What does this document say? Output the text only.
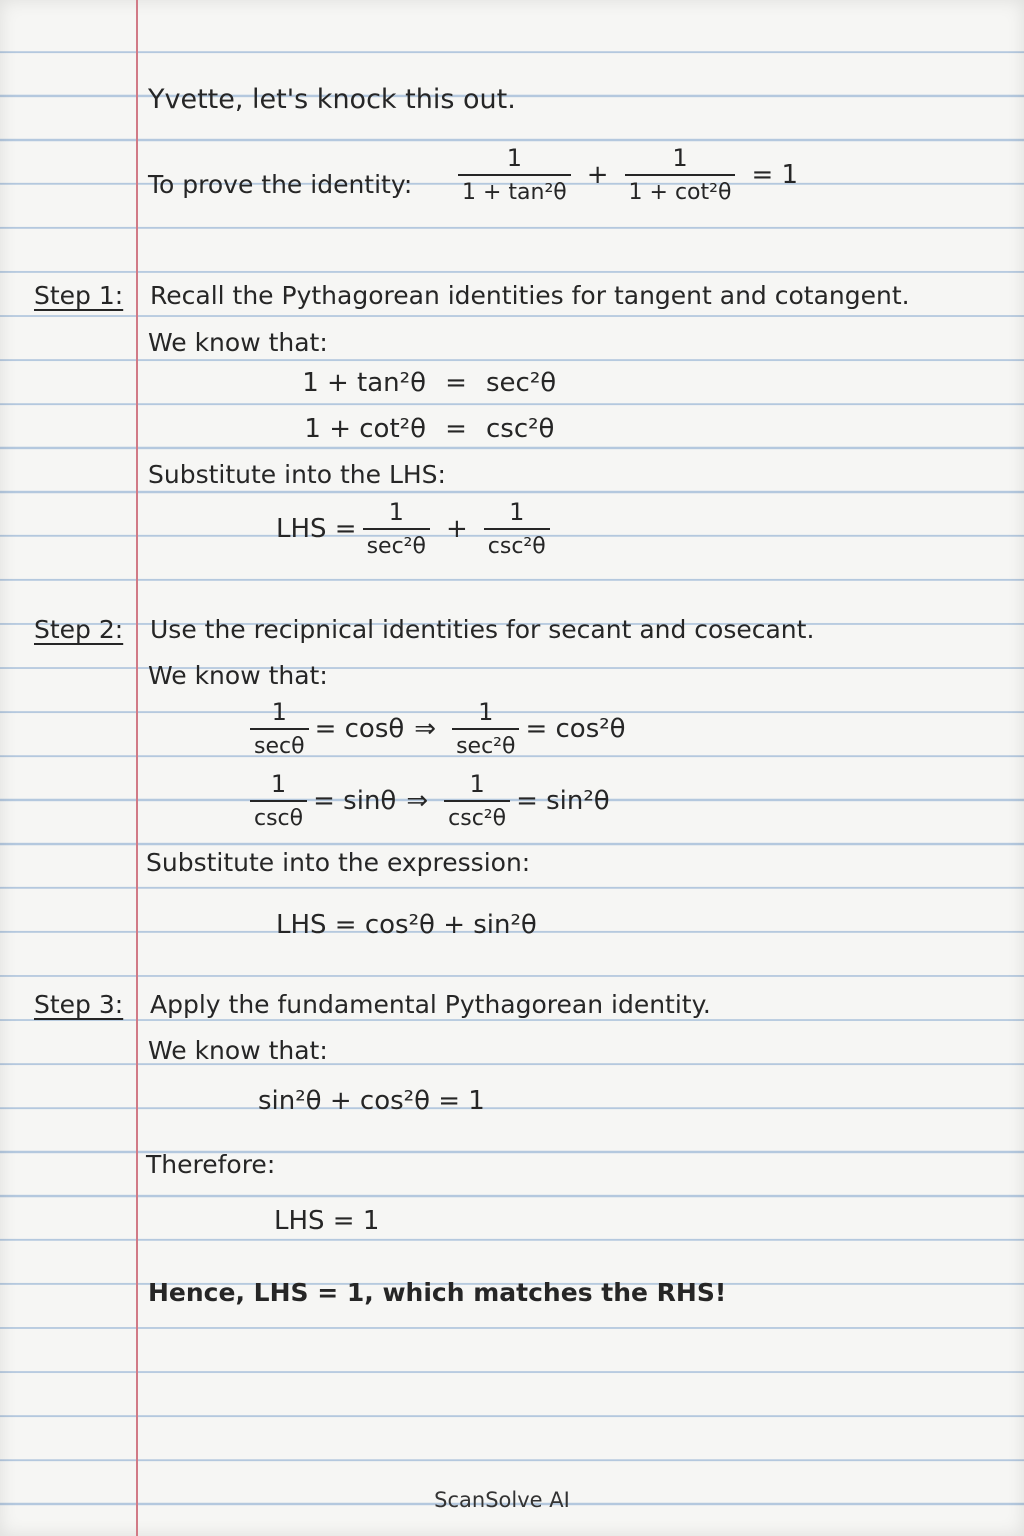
Yvette, let's knock this out.
To prove the identity: $\frac{1}{\text{1 + tan²θ}} + \frac{1}{\text{1 + cot²θ}} = 1$
Step 1: Recall the Pythagorean identities for tangent and cotangent.
We know that:
1 + tan²θ = sec²θ
1 + cot²θ = csc²θ
Substitute into the LHS:
LHS = $\frac{1}{\text{sec²θ}} + \frac{1}{\text{csc²θ}}$
Step 2: Use the recipnical identities for secant and cosecant.
We know that:
$\frac{1}{\sec\theta} = \cos\theta$ ⇒ $\frac{1}{\text{sec²θ}} = \cos^2\theta$
$\frac{1}{\csc\theta} = \sin\theta$ ⇒ $\frac{1}{\text{csc²θ}} = \sin^2\theta$
Substitute into the expression:
LHS = cos²θ + sin²θ
Step 3: Apply the fundamental Pythagorean identity.
We know that:
sin²θ + cos²θ = 1
Therefore:
LHS = 1
Hence, LHS = 1, which matches the RHS!
ScanSolve AI
